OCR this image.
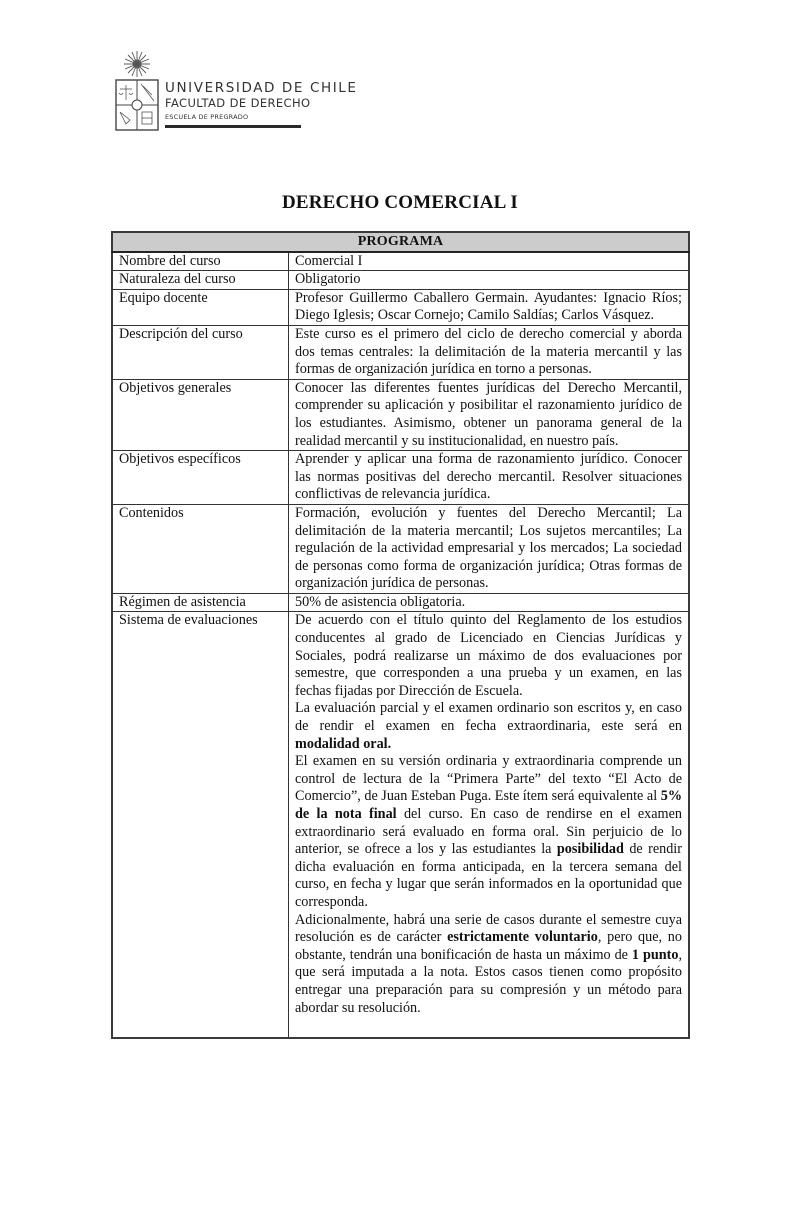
UNIVERSIDAD DE CHILE
FACULTAD DE DERECHO
ESCUELA DE PREGRADO
DERECHO COMERCIAL I
PROGRAMA	
Nombre del curso	Comercial I
Naturaleza del curso	Obligatorio
Equipo docente	Profesor Guillermo Caballero Germain. Ayudantes: Ignacio Ríos; Diego Iglesis; Oscar Cornejo; Camilo Saldías; Carlos Vásquez.
Descripción del curso	Este curso es el primero del ciclo de derecho comercial y aborda dos temas centrales: la delimitación de la materia mercantil y las formas de organización jurídica en torno a personas.
Objetivos generales	Conocer las diferentes fuentes jurídicas del Derecho Mercantil, comprender su aplicación y posibilitar el razonamiento jurídico de los estudiantes. Asimismo, obtener un panorama general de la realidad mercantil y su institucionalidad, en nuestro país.
Objetivos específicos	Aprender y aplicar una forma de razonamiento jurídico. Conocer las normas positivas del derecho mercantil. Resolver situaciones conflictivas de relevancia jurídica.
Contenidos	Formación, evolución y fuentes del Derecho Mercantil; La delimitación de la materia mercantil; Los sujetos mercantiles; La regulación de la actividad empresarial y los mercados; La sociedad de personas como forma de organización jurídica; Otras formas de organización jurídica de personas.
Régimen de asistencia	50% de asistencia obligatoria.
Sistema de evaluaciones	De acuerdo con el título quinto del Reglamento de los estudios conducentes al grado de Licenciado en Ciencias Jurídicas y Sociales, podrá realizarse un máximo de dos evaluaciones por semestre, que corresponden a una prueba y un examen, en las fechas fijadas por Dirección de Escuela.

La evaluación parcial y el examen ordinario son escritos y, en caso de rendir el examen en fecha extraordinaria, este será en modalidad oral.

El examen en su versión ordinaria y extraordinaria comprende un control de lectura de la “Primera Parte” del texto “El Acto de Comercio”, de Juan Esteban Puga. Este ítem será equivalente al 5% de la nota final del curso. En caso de rendirse en el examen extraordinario será evaluado en forma oral. Sin perjuicio de lo anterior, se ofrece a los y las estudiantes la posibilidad de rendir dicha evaluación en forma anticipada, en la tercera semana del curso, en fecha y lugar que serán informados en la oportunidad que corresponda.

Adicionalmente, habrá una serie de casos durante el semestre cuya resolución es de carácter estrictamente voluntario, pero que, no obstante, tendrán una bonificación de hasta un máximo de 1 punto, que será imputada a la nota. Estos casos tienen como propósito entregar una preparación para su compresión y un método para abordar su resolución.
